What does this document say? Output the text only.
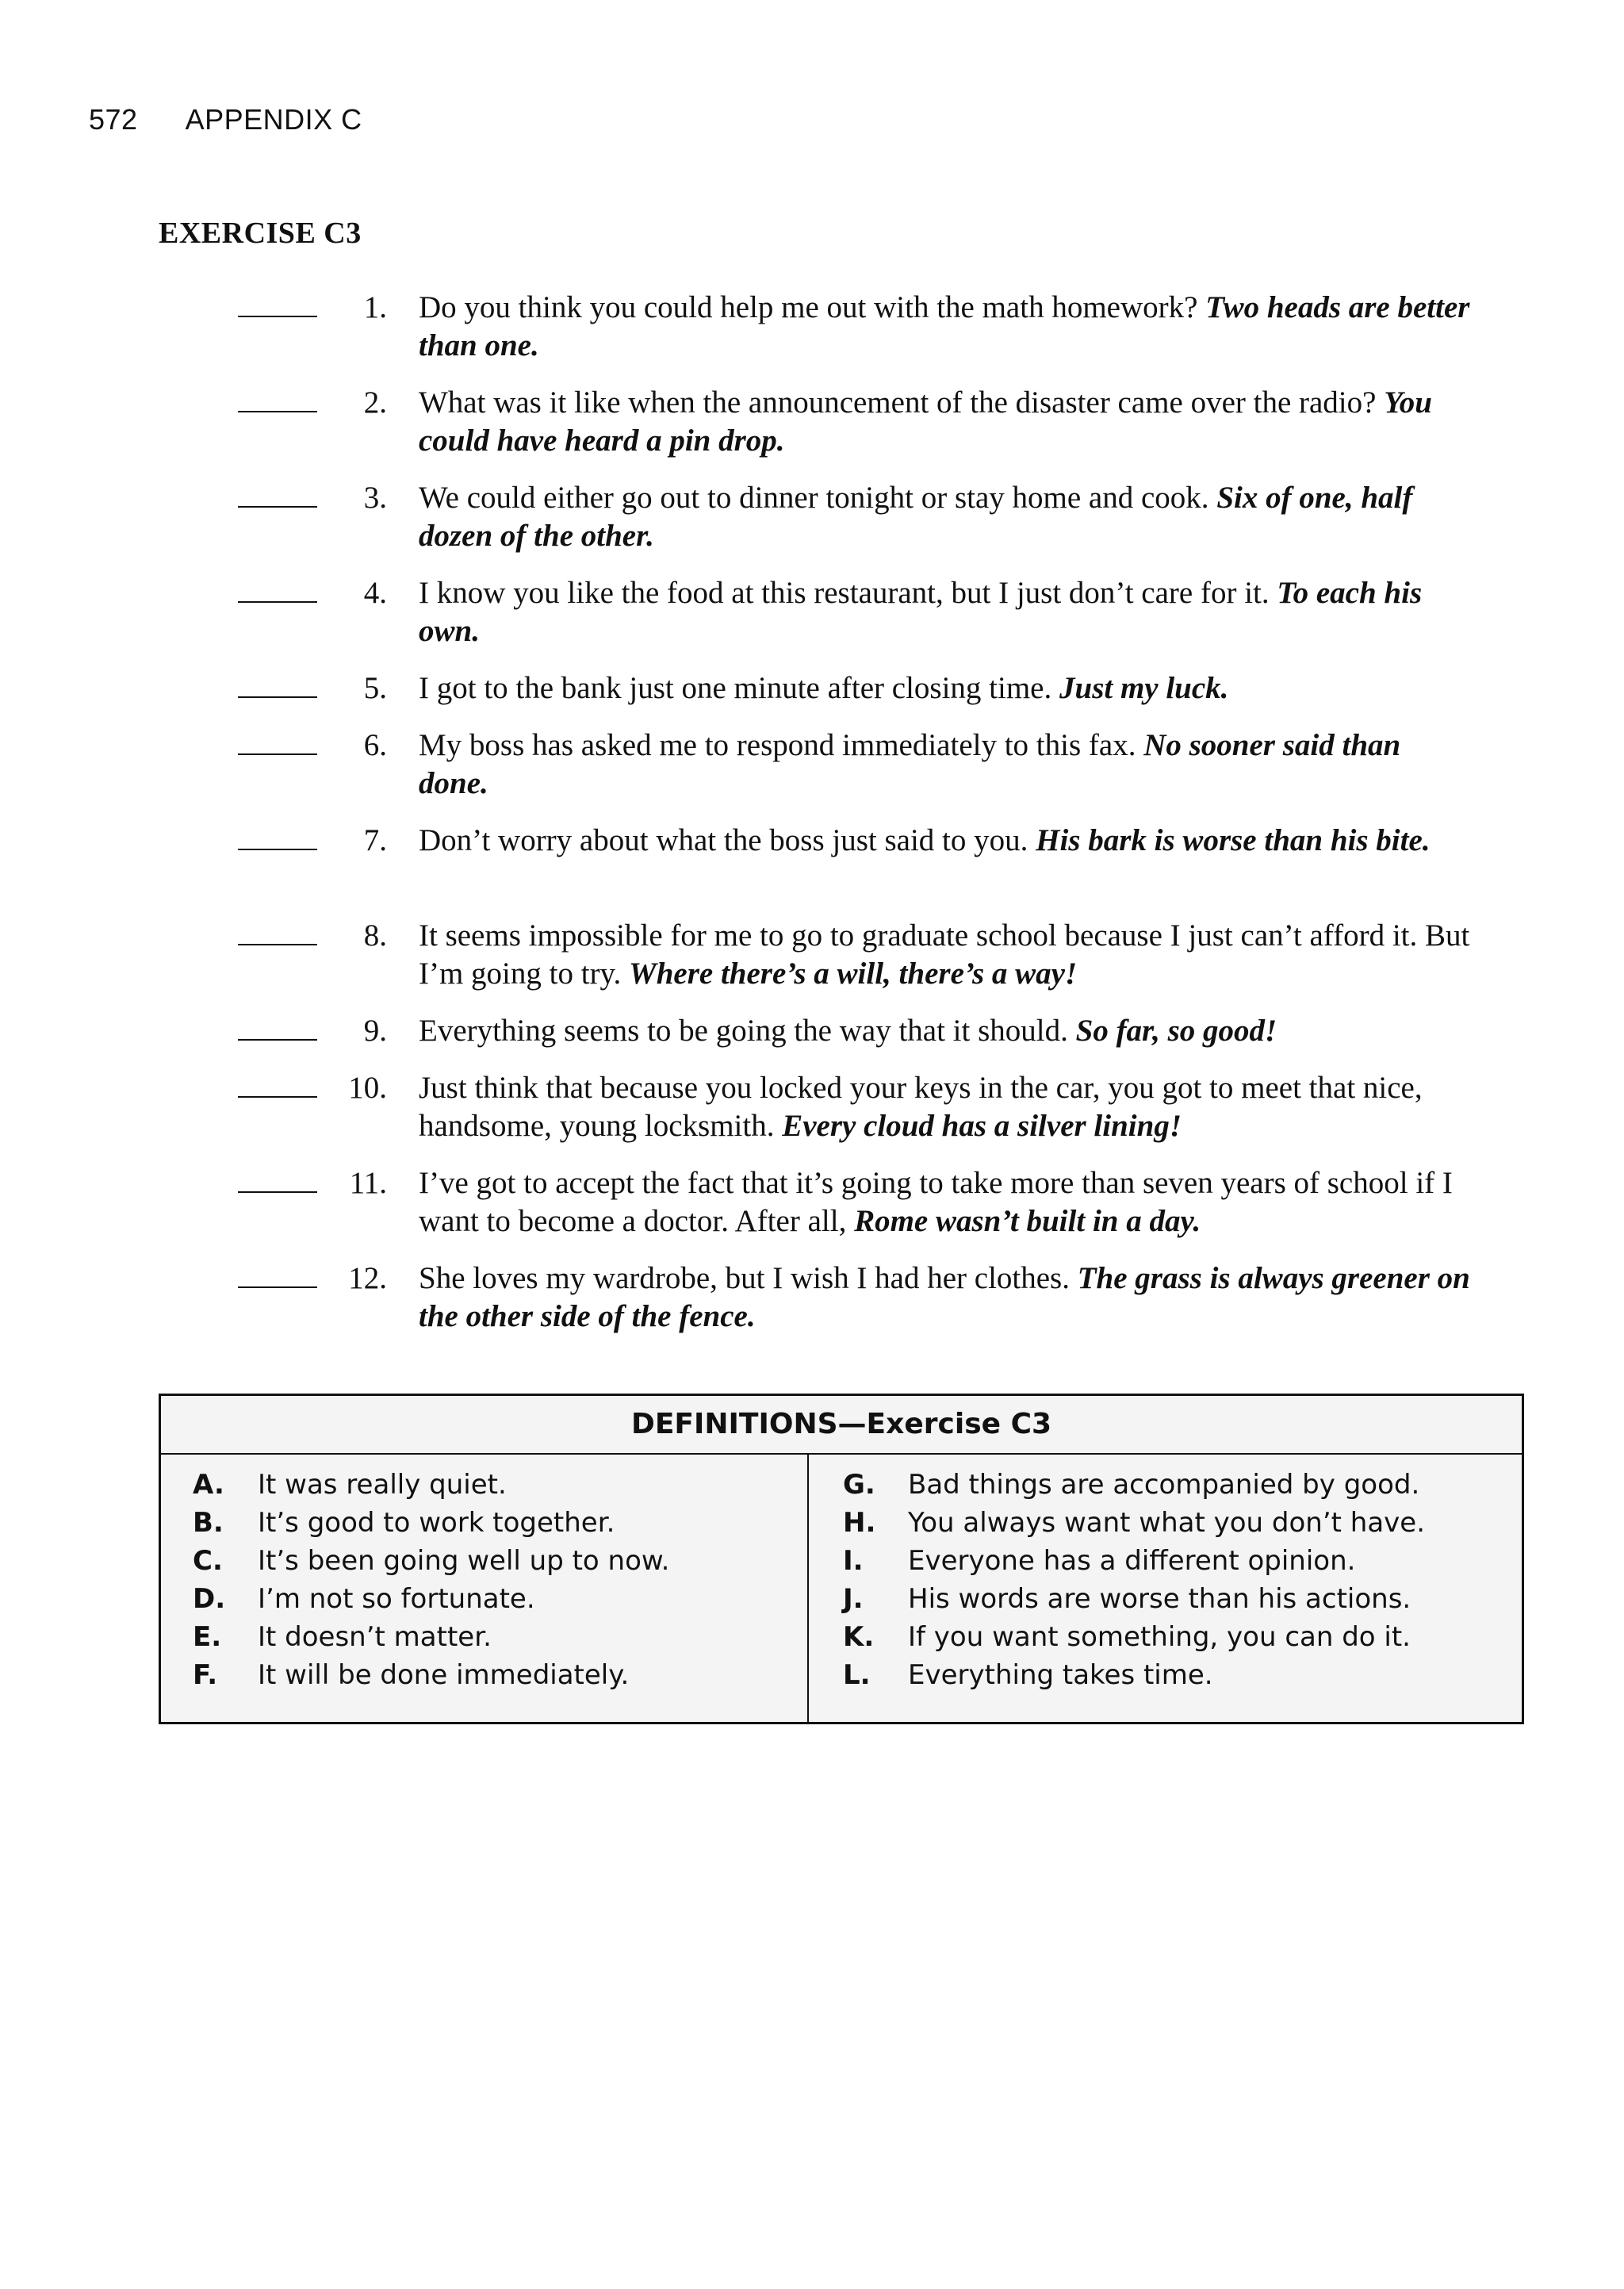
572 APPENDIX C
EXERCISE C3
1. Do you think you could help me out with the math homework? Two heads are better than one.
2. What was it like when the announcement of the disaster came over the radio? You could have heard a pin drop.
3. We could either go out to dinner tonight or stay home and cook. Six of one, half dozen of the other.
4. I know you like the food at this restaurant, but I just don’t care for it. To each his own.
5. I got to the bank just one minute after closing time. Just my luck.
6. My boss has asked me to respond immediately to this fax. No sooner said than done.
7. Don’t worry about what the boss just said to you. His bark is worse than his bite.
8. It seems impossible for me to go to graduate school because I just can’t afford it. But I’m going to try. Where there’s a will, there’s a way!
9. Everything seems to be going the way that it should. So far, so good!
10. Just think that because you locked your keys in the car, you got to meet that nice, handsome, young locksmith. Every cloud has a silver lining!
11. I’ve got to accept the fact that it’s going to take more than seven years of school if I want to become a doctor. After all, Rome wasn’t built in a day.
12. She loves my wardrobe, but I wish I had her clothes. The grass is always greener on the other side of the fence.
DEFINITIONS—Exercise C3
A. It was really quiet.
B. It’s good to work together.
C. It’s been going well up to now.
D. I’m not so fortunate.
E. It doesn’t matter.
F. It will be done immediately.
G. Bad things are accompanied by good.
H. You always want what you don’t have.
I. Everyone has a different opinion.
J. His words are worse than his actions.
K. If you want something, you can do it.
L. Everything takes time.
